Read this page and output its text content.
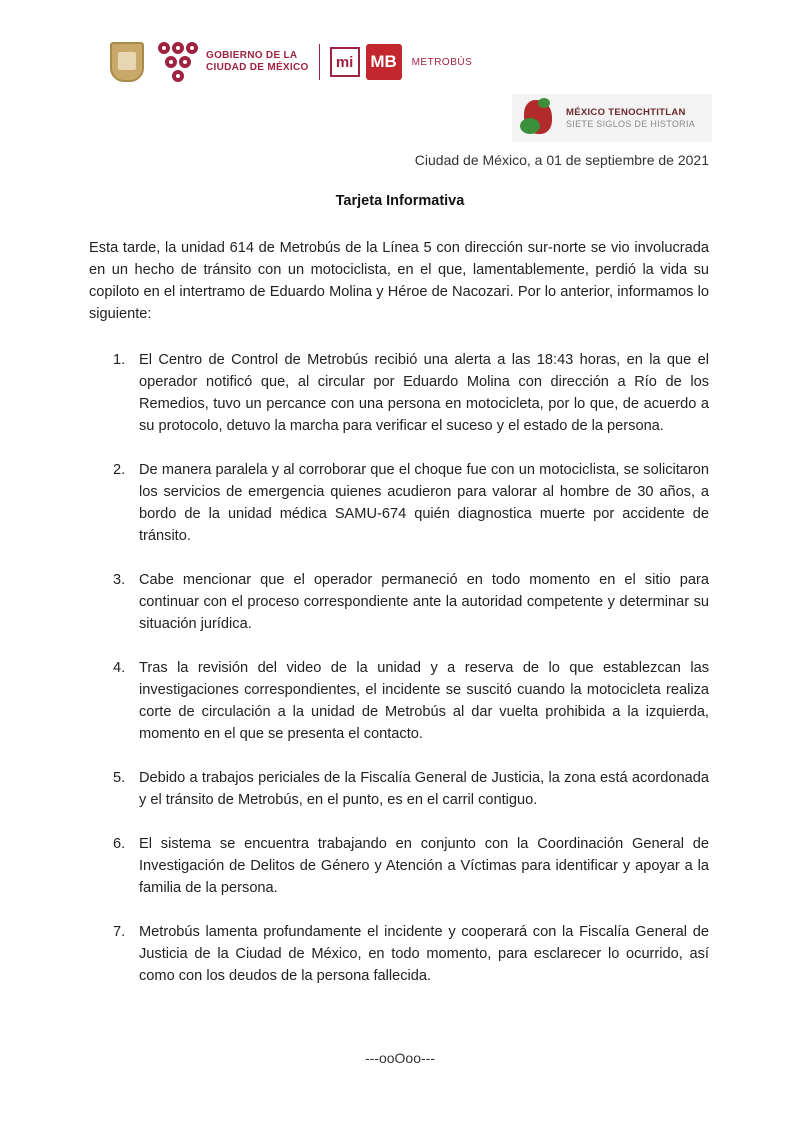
GOBIERNO DE LA
CIUDAD DE MÉXICO	mi	MB	METROBÚS
MÉXICO TENOCHTITLAN
SIETE SIGLOS DE HISTORIA
Ciudad de México, a 01 de septiembre de 2021
Tarjeta Informativa
Esta tarde, la unidad 614 de Metrobús de la Línea 5 con dirección sur-norte se vio involucrada en un hecho de tránsito con un motociclista, en el que, lamentablemente, perdió la vida su copiloto en el intertramo de Eduardo Molina y Héroe de Nacozari. Por lo anterior, informamos lo siguiente:
1. El Centro de Control de Metrobús recibió una alerta a las 18:43 horas, en la que el operador notificó que, al circular por Eduardo Molina con dirección a Río de los Remedios, tuvo un percance con una persona en motocicleta, por lo que, de acuerdo a su protocolo, detuvo la marcha para verificar el suceso y el estado de la persona.
2. De manera paralela y al corroborar que el choque fue con un motociclista, se solicitaron los servicios de emergencia quienes acudieron para valorar al hombre de 30 años, a bordo de la unidad médica SAMU-674 quién diagnostica muerte por accidente de tránsito.
3. Cabe mencionar que el operador permaneció en todo momento en el sitio para continuar con el proceso correspondiente ante la autoridad competente y determinar su situación jurídica.
4. Tras la revisión del video de la unidad y a reserva de lo que establezcan las investigaciones correspondientes, el incidente se suscitó cuando la motocicleta realiza corte de circulación a la unidad de Metrobús al dar vuelta prohibida a la izquierda, momento en el que se presenta el contacto.
5. Debido a trabajos periciales de la Fiscalía General de Justicia, la zona está acordonada y el tránsito de Metrobús, en el punto, es en el carril contiguo.
6. El sistema se encuentra trabajando en conjunto con la Coordinación General de Investigación de Delitos de Género y Atención a Víctimas para identificar y apoyar a la familia de la persona.
7. Metrobús lamenta profundamente el incidente y cooperará con la Fiscalía General de Justicia de la Ciudad de México, en todo momento, para esclarecer lo ocurrido, así como con los deudos de la persona fallecida.
---ooOoo---
